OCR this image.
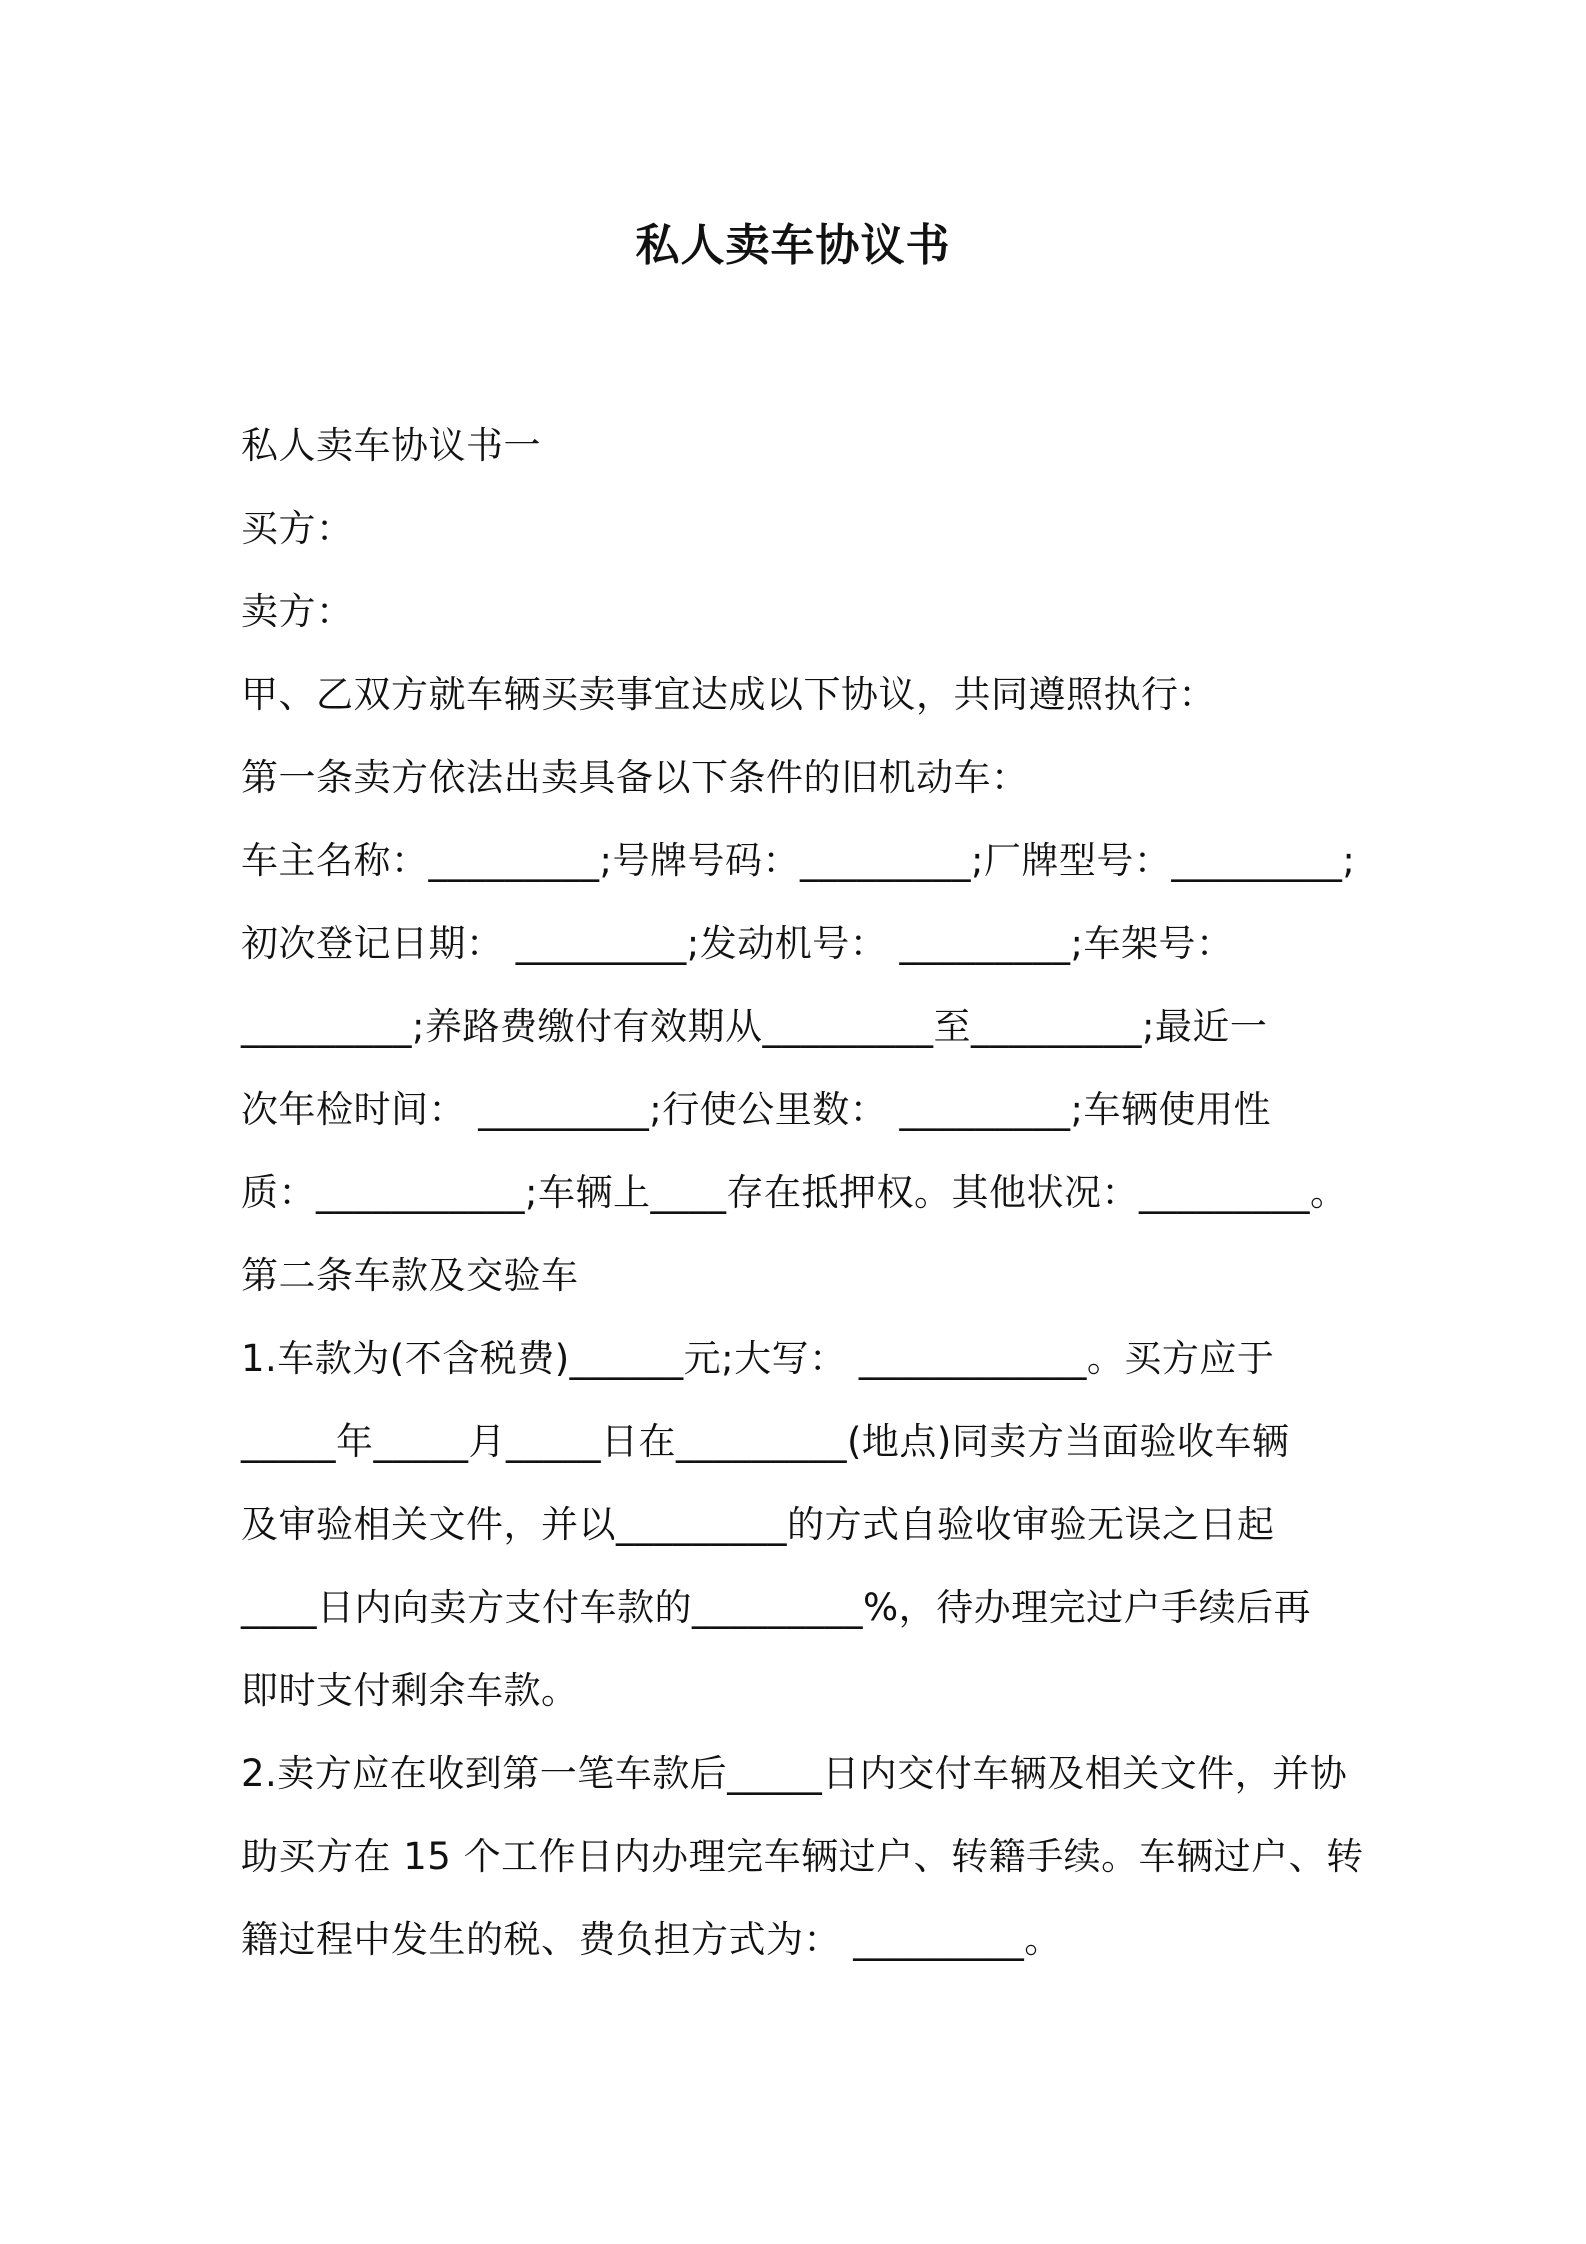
私人卖车协议书
私人卖车协议书一
买方：
卖方：
甲、乙双方就车辆买卖事宜达成以下协议，共同遵照执行：
第一条卖方依法出卖具备以下条件的旧机动车：
车主名称：_________;号牌号码：_________;厂牌型号：_________;
初次登记日期： _________;发动机号： _________;车架号：
_________;养路费缴付有效期从_________至_________;最近一
次年检时间： _________;行使公里数： _________;车辆使用性
质：___________;车辆上____存在抵押权。其他状况：_________。
第二条车款及交验车
1.车款为(不含税费)______元;大写： ____________。买方应于
_____年_____月_____日在_________(地点)同卖方当面验收车辆
及审验相关文件，并以_________的方式自验收审验无误之日起
____日内向卖方支付车款的_________%，待办理完过户手续后再
即时支付剩余车款。
2.卖方应在收到第一笔车款后_____日内交付车辆及相关文件，并协
助买方在 15 个工作日内办理完车辆过户、转籍手续。车辆过户、转
籍过程中发生的税、费负担方式为： _________。
